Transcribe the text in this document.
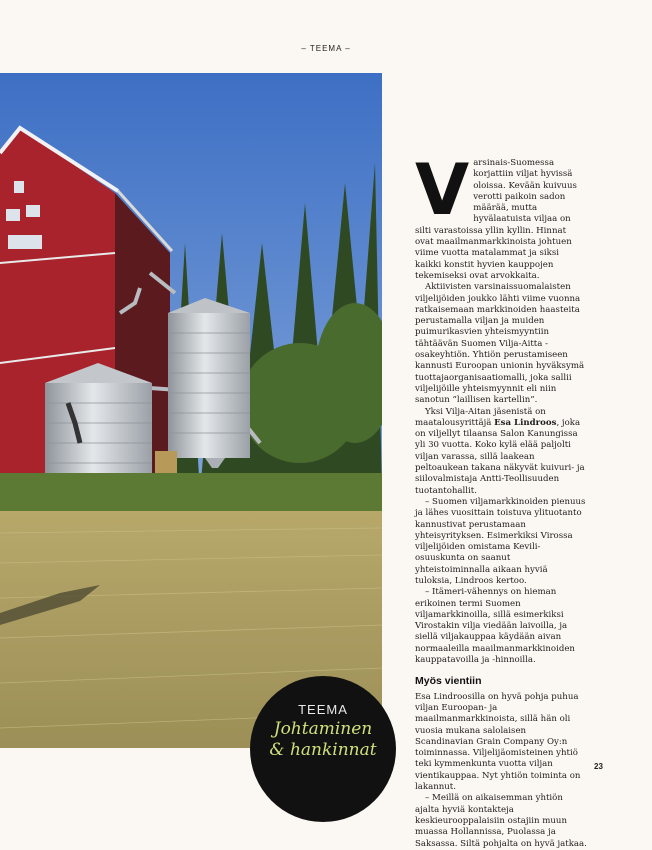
– TEEMA –
V arsinais-Suomessa korjattiin viljat hyvissä oloissa. Kevään kuivuus verotti paikoin sadon määrää, mutta hyvälaatuista viljaa on silti varastoissa yllin kyllin. Hinnat ovat maailmanmarkkinoista johtuen viime vuotta matalammat ja siksi kaikki konstit hyvien kauppojen tekemiseksi ovat arvokkaita.

Aktiivisten varsinaissuomalaisten viljelijöiden joukko lähti viime vuonna ratkaisemaan markkinoiden haasteita perustamalla viljan ja muiden puimurikasvien yhteismyyntiin tähtäävän Suomen Vilja-Aitta -osakeyhtiön. Yhtiön perustamiseen kannusti Euroopan unionin hyväksymä tuottajaorganisaatiomalli, joka sallii viljelijöille yhteismyynnit eli niin sanotun ”laillisen kartellin”.

Yksi Vilja-Aitan jäsenistä on maatalousyrittäjä Esa Lindroos, joka on viljellyt tilaansa Salon Kanungissa yli 30 vuotta. Koko kylä elää paljolti viljan varassa, sillä laakean peltoaukean takana näkyvät kuivuri- ja siilovalmistaja Antti-Teollisuuden tuotantohallit.

– Suomen viljamarkkinoiden pienuus ja lähes vuosittain toistuva ylituotanto kannustivat perustamaan yhteisyrityksen. Esimerkiksi Virossa viljelijöiden omistama Kevili-osuuskunta on saanut yhteistoiminnalla aikaan hyviä tuloksia, Lindroos kertoo.

– Itämeri-vähennys on hieman erikoinen termi Suomen viljamarkkinoilla, sillä esimerkiksi Virostakin vilja viedään laivoilla, ja siellä viljakauppaa käydään aivan normaaleilla maailmanmarkkinoiden kauppatavoilla ja -hinnoilla.

Myös vientiin

Esa Lindroosilla on hyvä pohja puhua viljan Euroopan- ja maailmanmarkkinoista, sillä hän oli vuosia mukana salolaisen Scandinavian Grain Company Oy:n toiminnassa. Viljelijäomisteinen yhtiö teki kymmenkunta vuotta viljan vientikauppaa. Nyt yhtiön toiminta on lakannut.

– Meillä on aikaisemman yhtiön ajalta hyviä kontakteja keskieurooppalaisiin ostajiin muun muassa Hollannissa, Puolassa ja Saksassa. Siltä pohjalta on hyvä jatkaa.

TEEMA
Johtaminen
& hankinnat
23
